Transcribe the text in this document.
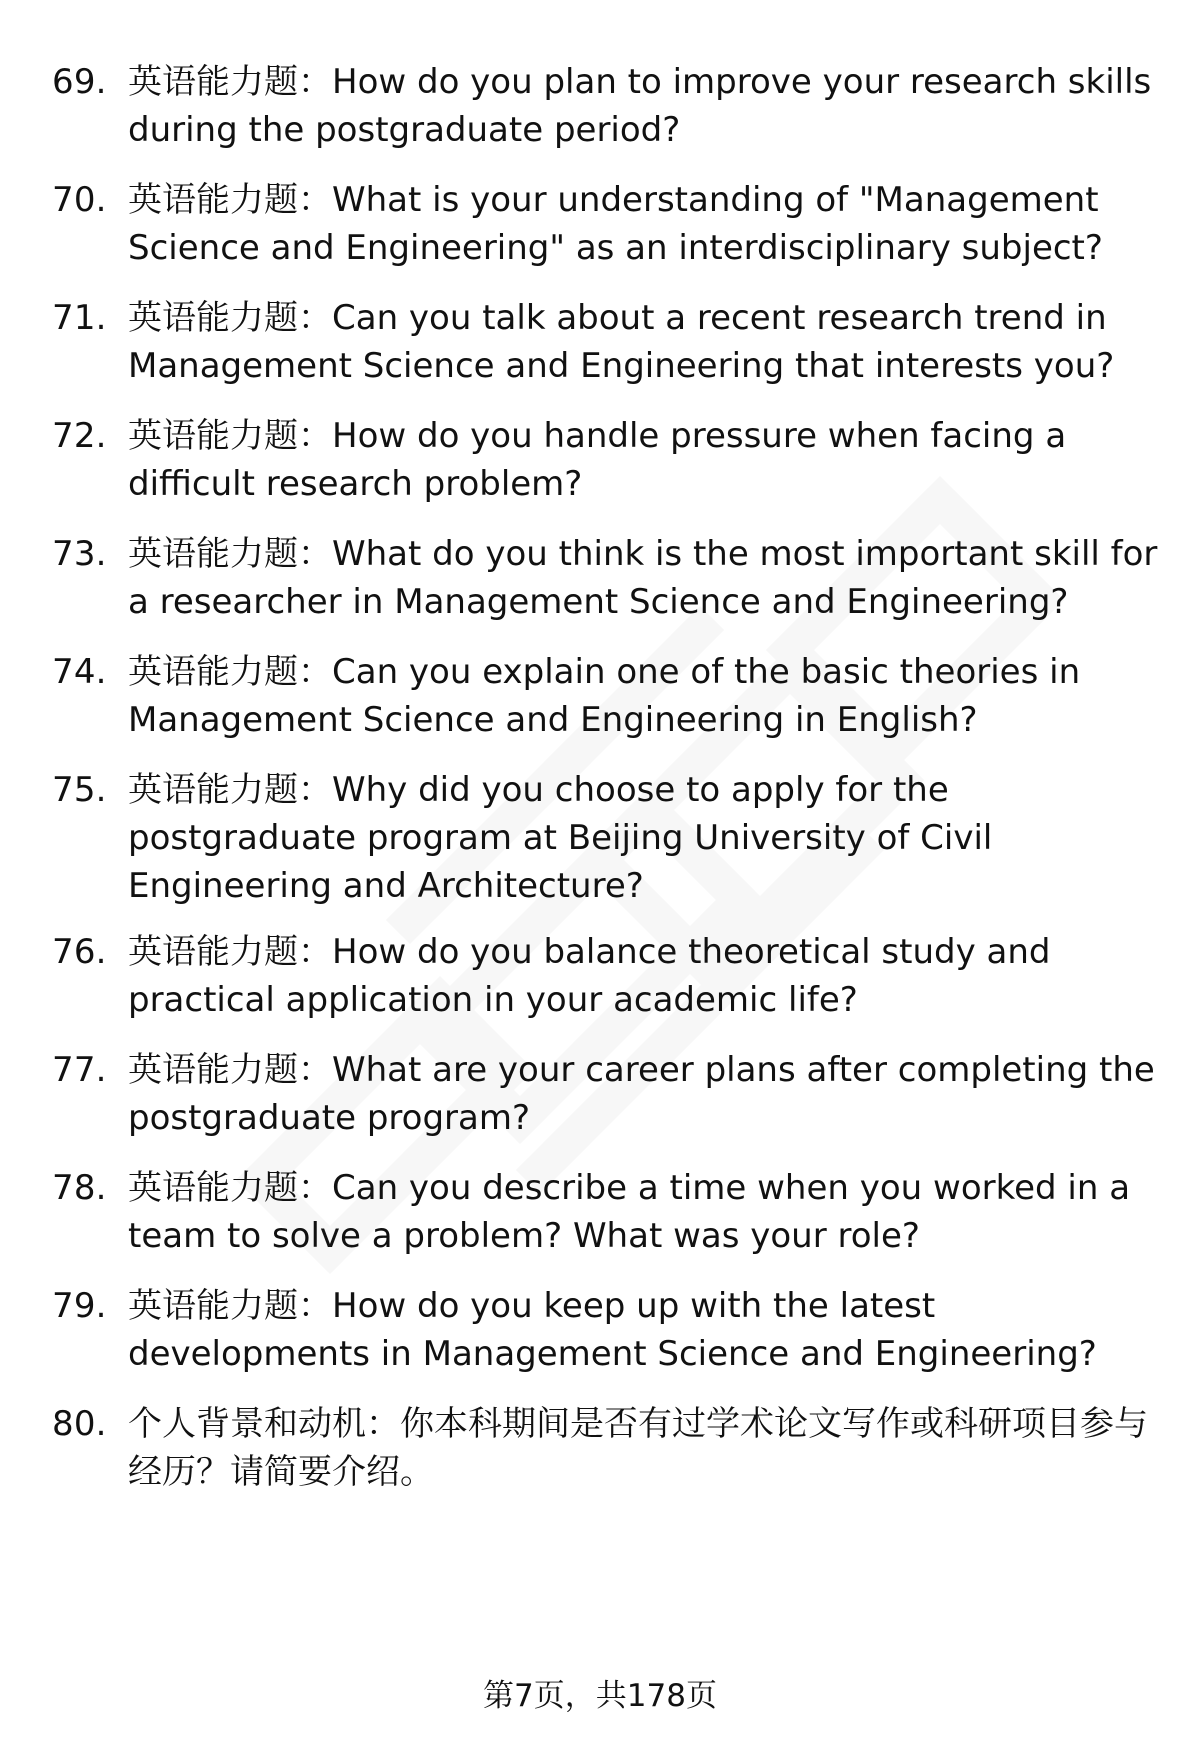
69. 英语能力题：How do you plan to improve your research skills during the postgraduate period?
70. 英语能力题：What is your understanding of "Management Science and Engineering" as an interdisciplinary subject?
71. 英语能力题：Can you talk about a recent research trend in Management Science and Engineering that interests you?
72. 英语能力题：How do you handle pressure when facing a difficult research problem?
73. 英语能力题：What do you think is the most important skill for a researcher in Management Science and Engineering?
74. 英语能力题：Can you explain one of the basic theories in Management Science and Engineering in English?
75. 英语能力题：Why did you choose to apply for the postgraduate program at Beijing University of Civil Engineering and Architecture?
76. 英语能力题：How do you balance theoretical study and practical application in your academic life?
77. 英语能力题：What are your career plans after completing the postgraduate program?
78. 英语能力题：Can you describe a time when you worked in a team to solve a problem? What was your role?
79. 英语能力题：How do you keep up with the latest developments in Management Science and Engineering?
80. 个人背景和动机：你本科期间是否有过学术论文写作或科研项目参与经历？请简要介绍。
第7页，共178页
